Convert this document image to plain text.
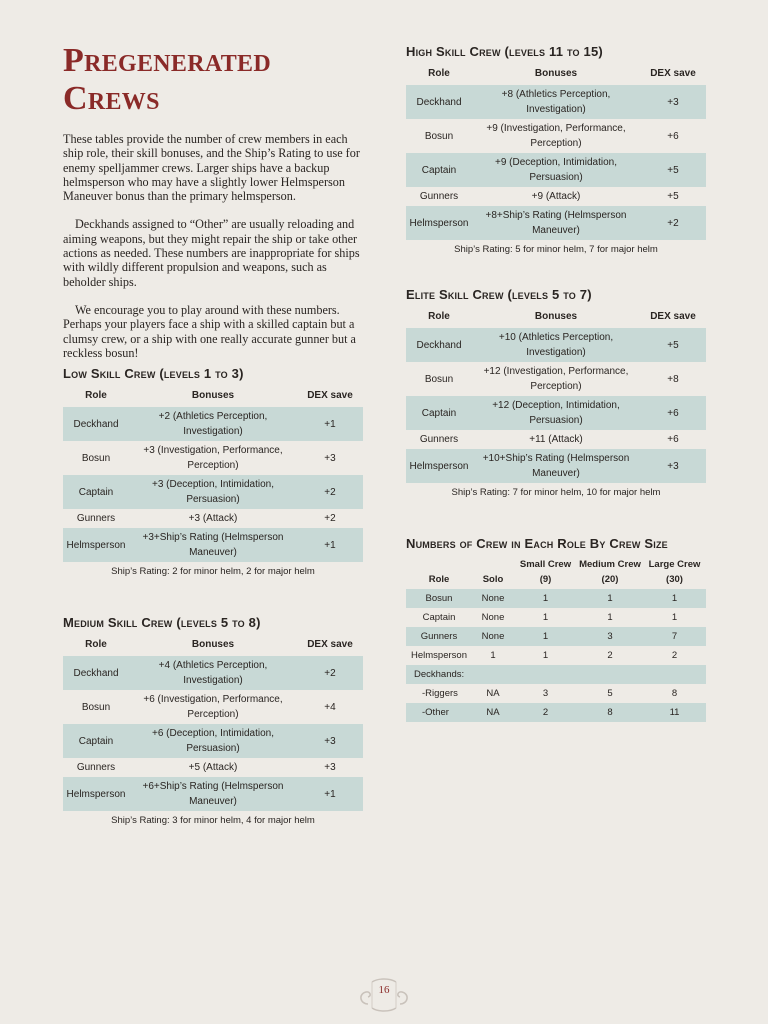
Pregenerated Crews

These tables provide the number of crew members in each ship role, their skill bonuses, and the Ship’s Rating to use for enemy spelljammer crews. Larger ships have a backup helmsperson who may have a slightly lower Helmsperson Maneuver bonus than the primary helmsperson.

Deckhands assigned to “Other” are usually reloading and aiming weapons, but they might repair the ship or take other actions as needed. These numbers are inappropriate for ships with wildly different propulsion and weapons, such as beholder ships.

We encourage you to play around with these numbers. Perhaps your players face a ship with a skilled captain but a clumsy crew, or a ship with one really accurate gunner but a reckless bosun!

Low Skill Crew (levels 1 to 3)
Role	Bonuses	DEX save
Deckhand	+2 (Athletics Perception, Investigation)	+1
Bosun	+3 (Investigation, Performance, Perception)	+3
Captain	+3 (Deception, Intimidation, Persuasion)	+2
Gunners	+3 (Attack)	+2
Helmsperson	+3+Ship’s Rating (Helmsperson Maneuver)	+1
Ship’s Rating: 2 for minor helm, 2 for major helm
Medium Skill Crew (levels 5 to 8)
Role	Bonuses	DEX save
Deckhand	+4 (Athletics Perception, Investigation)	+2
Bosun	+6 (Investigation, Performance, Perception)	+4
Captain	+6 (Deception, Intimidation, Persuasion)	+3
Gunners	+5 (Attack)	+3
Helmsperson	+6+Ship’s Rating (Helmsperson Maneuver)	+1
Ship’s Rating: 3 for minor helm, 4 for major helm
High Skill Crew (levels 11 to 15)
Role	Bonuses	DEX save
Deckhand	+8 (Athletics Perception, Investigation)	+3
Bosun	+9 (Investigation, Performance, Perception)	+6
Captain	+9 (Deception, Intimidation, Persuasion)	+5
Gunners	+9 (Attack)	+5
Helmsperson	+8+Ship’s Rating (Helmsperson Maneuver)	+2
Ship’s Rating: 5 for minor helm, 7 for major helm
Elite Skill Crew (levels 5 to 7)
Role	Bonuses	DEX save
Deckhand	+10 (Athletics Perception, Investigation)	+5
Bosun	+12 (Investigation, Performance, Perception)	+8
Captain	+12 (Deception, Intimidation, Persuasion)	+6
Gunners	+11 (Attack)	+6
Helmsperson	+10+Ship’s Rating (Helmsperson Maneuver)	+3
Ship’s Rating: 7 for minor helm, 10 for major helm
Numbers of Crew in Each Role By Crew Size
Role	Solo	Small Crew (9)	Medium Crew (20)	Large Crew (30)
Bosun	None	1	1	1
Captain	None	1	1	1
Gunners	None	1	3	7
Helmsperson	1	1	2	2
Deckhands:				
-Riggers	NA	3	5	8
-Other	NA	2	8	11
16
